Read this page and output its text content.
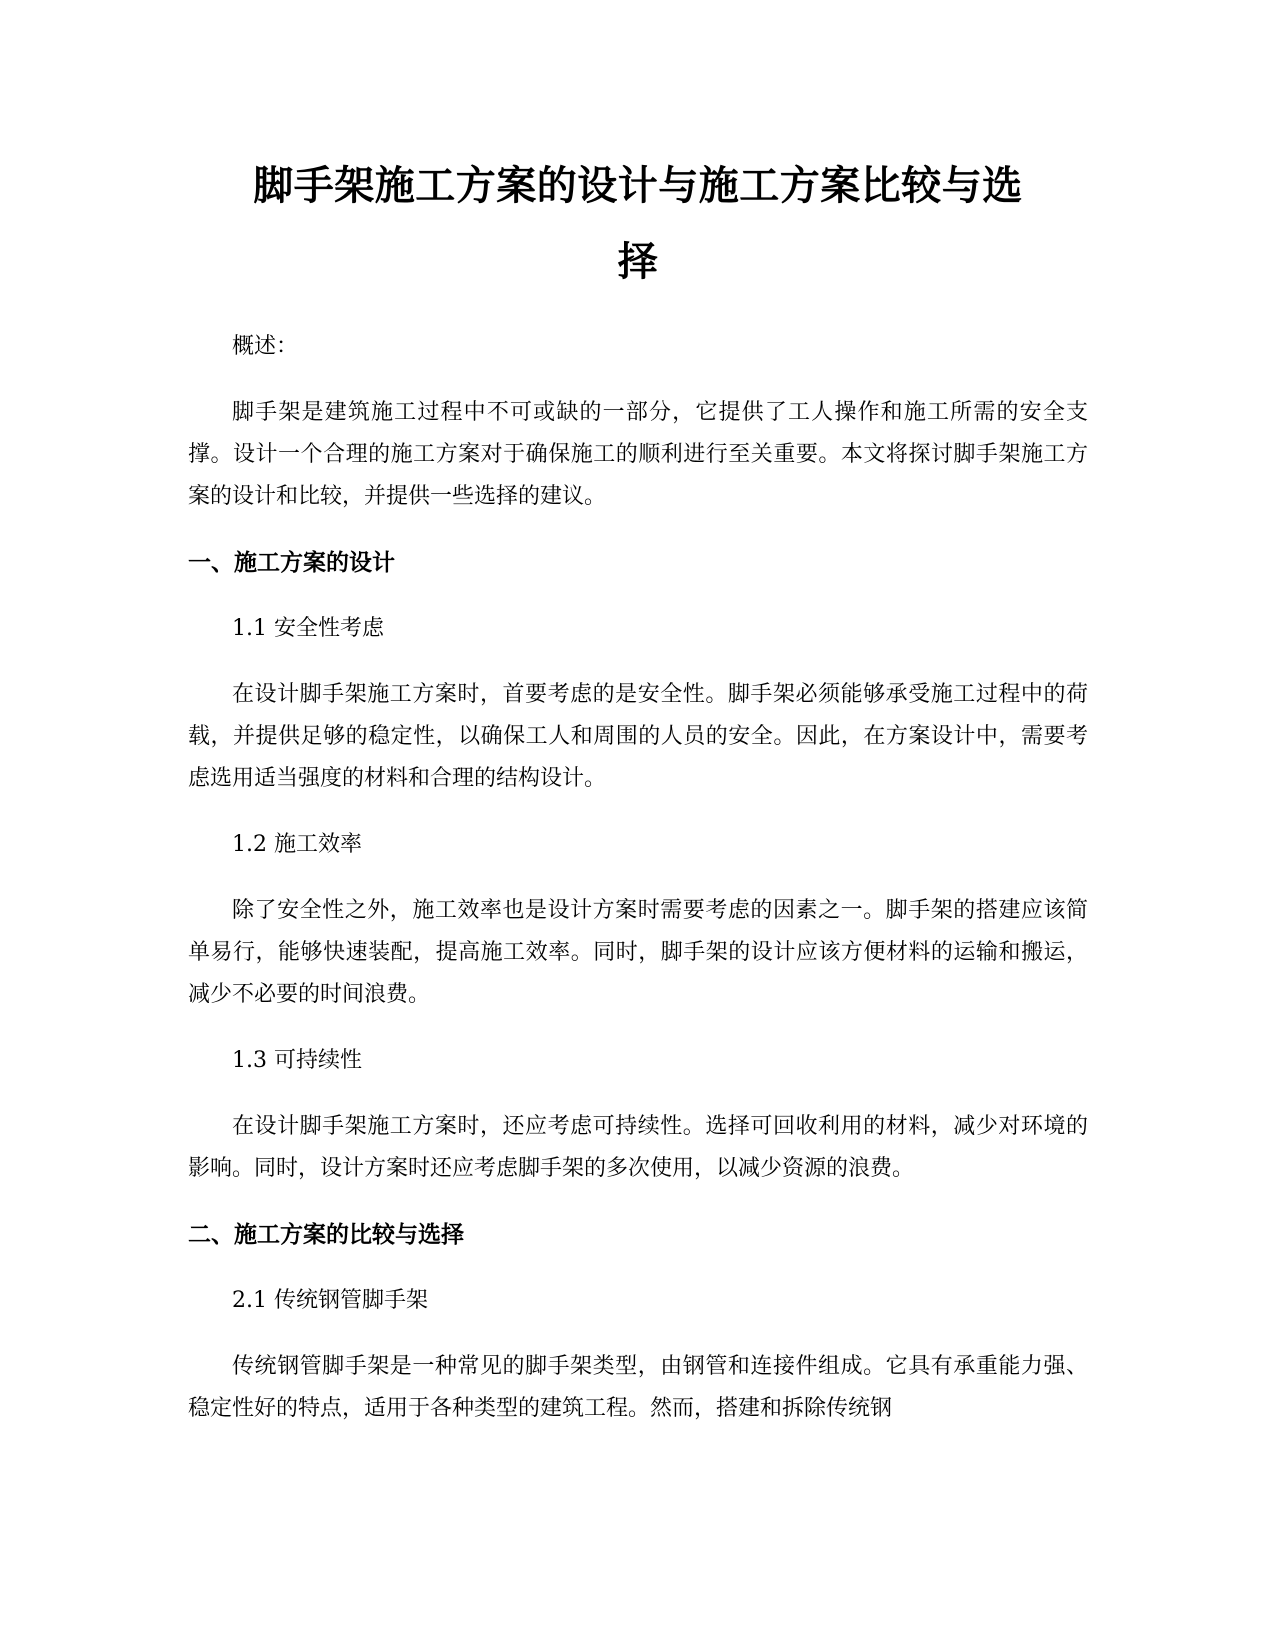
脚手架施工方案的设计与施工方案比较与选
择

概述：

脚手架是建筑施工过程中不可或缺的一部分，它提供了工人操作和施工所需的安全支撑。设计一个合理的施工方案对于确保施工的顺利进行至关重要。本文将探讨脚手架施工方案的设计和比较，并提供一些选择的建议。

一、施工方案的设计

1.1 安全性考虑

在设计脚手架施工方案时，首要考虑的是安全性。脚手架必须能够承受施工过程中的荷载，并提供足够的稳定性，以确保工人和周围的人员的安全。因此，在方案设计中，需要考虑选用适当强度的材料和合理的结构设计。

1.2 施工效率

除了安全性之外，施工效率也是设计方案时需要考虑的因素之一。脚手架的搭建应该简单易行，能够快速装配，提高施工效率。同时，脚手架的设计应该方便材料的运输和搬运，减少不必要的时间浪费。

1.3 可持续性

在设计脚手架施工方案时，还应考虑可持续性。选择可回收利用的材料，减少对环境的影响。同时，设计方案时还应考虑脚手架的多次使用，以减少资源的浪费。

二、施工方案的比较与选择

2.1 传统钢管脚手架

传统钢管脚手架是一种常见的脚手架类型，由钢管和连接件组成。它具有承重能力强、稳定性好的特点，适用于各种类型的建筑工程。然而，搭建和拆除传统钢
